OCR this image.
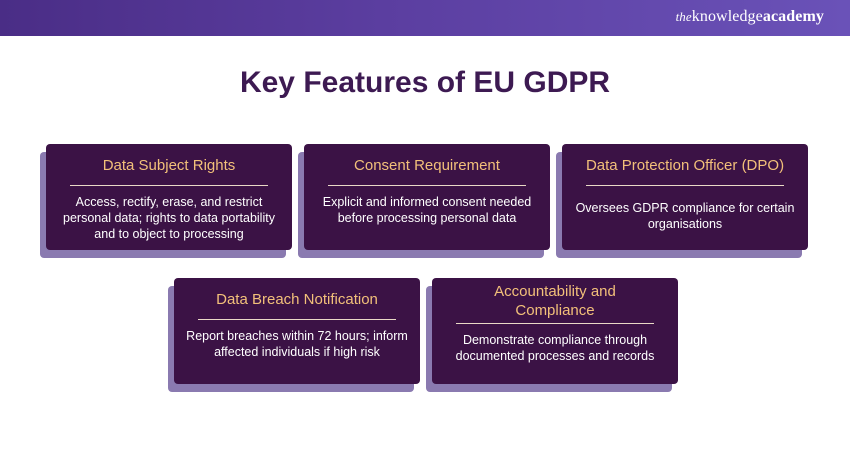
theknowledgeacademy
Key Features of EU GDPR
Data Subject Rights
Access, rectify, erase, and restrict personal data; rights to data portability and to object to processing
Consent Requirement
Explicit and informed consent needed before processing personal data
Data Protection Officer (DPO)
Oversees GDPR compliance for certain organisations
Data Breach Notification
Report breaches within 72 hours; inform affected individuals if high risk
Accountability and Compliance
Demonstrate compliance through documented processes and records
